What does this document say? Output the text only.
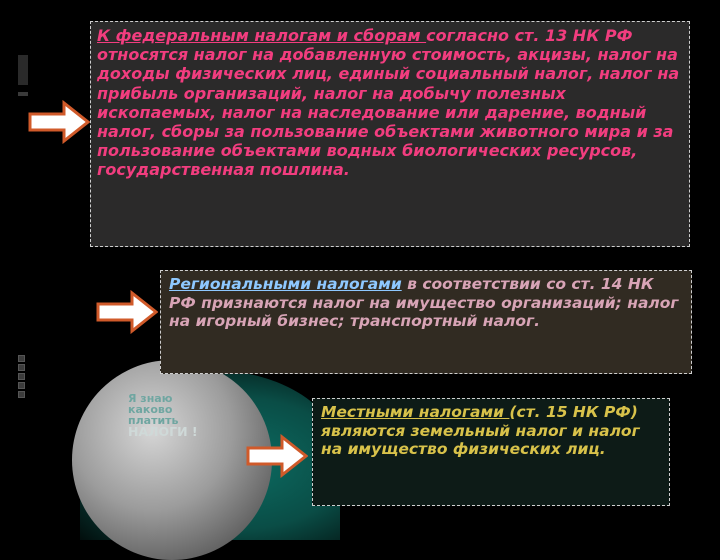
Я знаю
каково
платить
НАЛОГИ !
К федеральным налогам и сборам согласно ст. 13 НК РФ относятся налог на добавленную стоимость, акцизы, налог на доходы физических лиц, единый социальный налог, налог на прибыль организаций, налог на добычу полезных ископаемых, налог на наследование или дарение, водный налог, сборы за пользование объектами животного мира и за пользование объектами водных биологических ресурсов, государственная пошлина.
Региональными налогами в соответствии со ст. 14 НК РФ признаются налог на имущество организаций; налог на игорный бизнес; транспортный налог.
Местными налогами (ст. 15 НК РФ) являются земельный налог и налог на имущество физических лиц.
